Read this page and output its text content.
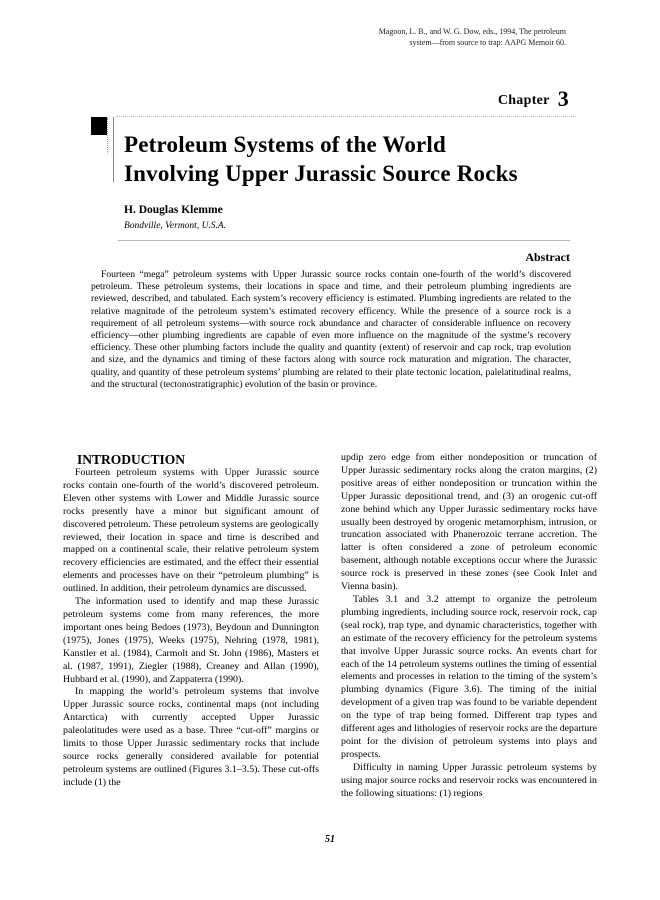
Magoon, L. B., and W. G. Dow, eds., 1994, The petroleum
system—from source to trap: AAPG Memoir 60.
Chapter 3
Petroleum Systems of the World
Involving Upper Jurassic Source Rocks
H. Douglas Klemme
Bondville, Vermont, U.S.A.
Abstract
Fourteen “mega” petroleum systems with Upper Jurassic source rocks contain one-fourth of the world’s discovered petroleum. These petroleum systems, their locations in space and time, and their petroleum plumbing ingredients are reviewed, described, and tabulated. Each system’s recovery efficiency is estimated. Plumbing ingredients are related to the relative magnitude of the petroleum system’s estimated recovery efficency. While the presence of a source rock is a requirement of all petroleum systems—with source rock abundance and character of considerable influence on recovery efficiency—other plumbing ingredients are capable of even more influence on the magnitude of the systme’s recovery efficiency. These other plumbing factors include the quality and quantity (extent) of reservoir and cap rock, trap evolution and size, and the dynamics and timing of these factors along with source rock maturation and migration. The character, quality, and quantity of these petroleum systems’ plumbing are related to their plate tectonic location, palelatitudinal realms, and the structural (tectonostratigraphic) evolution of the basin or province.
INTRODUCTION

Fourteen petroleum systems with Upper Jurassic source rocks contain one-fourth of the world’s discovered petroleum. Eleven other systems with Lower and Middle Jurassic source rocks presently have a minor but significant amount of discovered petroleum. These petroleum systems are geologically reviewed, their location in space and time is described and mapped on a continental scale, their relative petroleum system recovery efficiencies are estimated, and the effect their essential elements and processes have on their “petroleum plumbing” is outlined. In addition, their petroleum dynamics are discussed.

The information used to identify and map these Jurassic petroleum systems come from many references, the more important ones being Bedoes (1973), Beydoun and Dunnington (1975), Jones (1975), Weeks (1975), Nehring (1978, 1981), Kanstler et al. (1984), Carmolt and St. John (1986), Masters et al. (1987, 1991), Ziegler (1988), Creaney and Allan (1990), Hubbard et al. (1990), and Zappaterra (1990).

In mapping the world’s petroleum systems that involve Upper Jurassic source rocks, continental maps (not including Antarctica) with currently accepted Upper Jurassic paleolatitudes were used as a base. Three “cut-off” margins or limits to those Upper Jurassic sedimentary rocks that include source rocks generally considered available for potential petroleum systems are outlined (Figures 3.1–3.5). These cut-offs include (1) the

updip zero edge from either nondeposition or truncation of Upper Jurassic sedimentary rocks along the craton margins, (2) positive areas of either nondeposition or truncation within the Upper Jurassic depositional trend, and (3) an orogenic cut-off zone behind which any Upper Jurassic sedimentary rocks have usually been destroyed by orogenic metamorphism, intrusion, or truncation associated with Phanerozoic terrane accretion. The latter is often considered a zone of petroleum economic basement, although notable exceptions occur where the Jurassic source rock is preserved in these zones (see Cook Inlet and Vienna basin).

Tables 3.1 and 3.2 attempt to organize the petroleum plumbing ingredients, including source rock, reservoir rock, cap (seal rock), trap type, and dynamic characteristics, together with an estimate of the recovery efficiency for the petroleum systems that involve Upper Jurassic source rocks. An events chart for each of the 14 petroleum systems outlines the timing of essential elements and processes in relation to the timing of the system’s plumbing dynamics (Figure 3.6). The timing of the initial development of a given trap was found to be variable dependent on the type of trap being formed. Different trap types and different ages and lithologies of reservoir rocks are the departure point for the division of petroleum systems into plays and prospects.

Difficulty in naming Upper Jurassic petroleum systems by using major source rocks and reservoir rocks was encountered in the following situations: (1) regions

51
